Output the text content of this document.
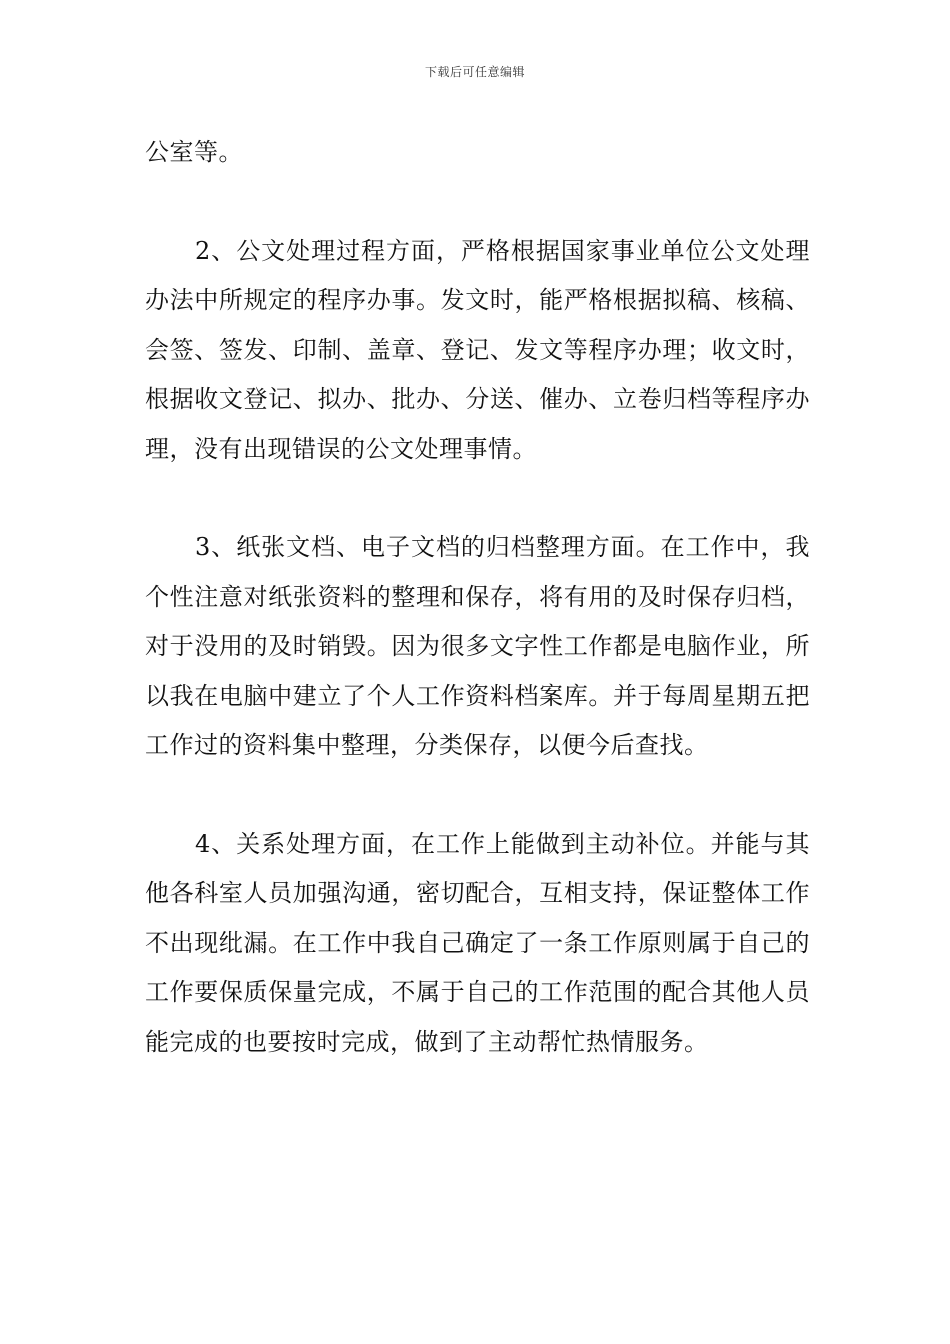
下载后可任意编辑

公室等。

2、公文处理过程方面，严格根据国家事业单位公文处理办法中所规定的程序办事。发文时，能严格根据拟稿、核稿、会签、签发、印制、盖章、登记、发文等程序办理；收文时，根据收文登记、拟办、批办、分送、催办、立卷归档等程序办理，没有出现错误的公文处理事情。

3、纸张文档、电子文档的归档整理方面。在工作中，我个性注意对纸张资料的整理和保存，将有用的及时保存归档，对于没用的及时销毁。因为很多文字性工作都是电脑作业，所以我在电脑中建立了个人工作资料档案库。并于每周星期五把工作过的资料集中整理，分类保存，以便今后查找。

4、关系处理方面，在工作上能做到主动补位。并能与其他各科室人员加强沟通，密切配合，互相支持，保证整体工作不出现纰漏。在工作中我自己确定了一条工作原则属于自己的工作要保质保量完成，不属于自己的工作范围的配合其他人员能完成的也要按时完成，做到了主动帮忙热情服务。
